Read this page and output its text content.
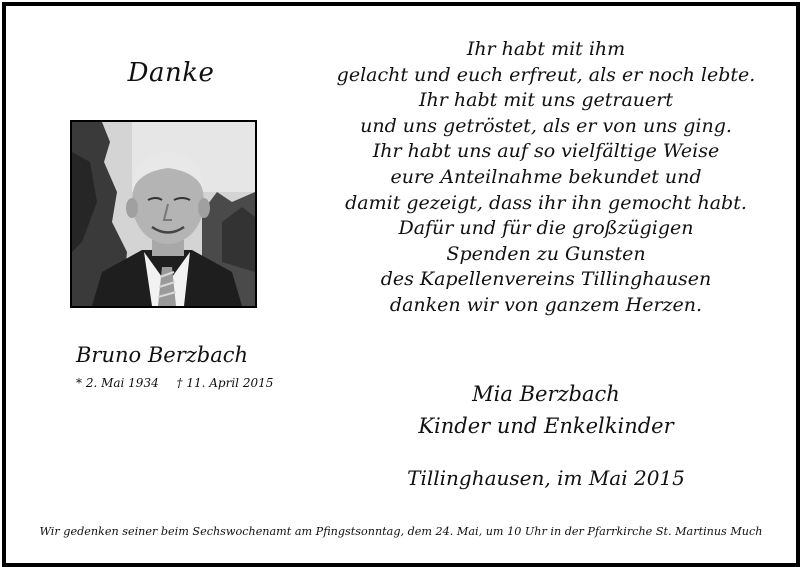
Danke
Bruno Berzbach
* 2. Mai 1934 † 11. April 2015
Ihr habt mit ihm
gelacht und euch erfreut, als er noch lebte.
Ihr habt mit uns getrauert
und uns getröstet, als er von uns ging.
Ihr habt uns auf so vielfältige Weise
eure Anteilnahme bekundet und
damit gezeigt, dass ihr ihn gemocht habt.
Dafür und für die großzügigen
Spenden zu Gunsten
des Kapellenvereins Tillinghausen
danken wir von ganzem Herzen.
Mia Berzbach
Kinder und Enkelkinder
Tillinghausen, im Mai 2015
Wir gedenken seiner beim Sechswochenamt am Pfingstsonntag, dem 24. Mai, um 10 Uhr in der Pfarrkirche St. Martinus Much
